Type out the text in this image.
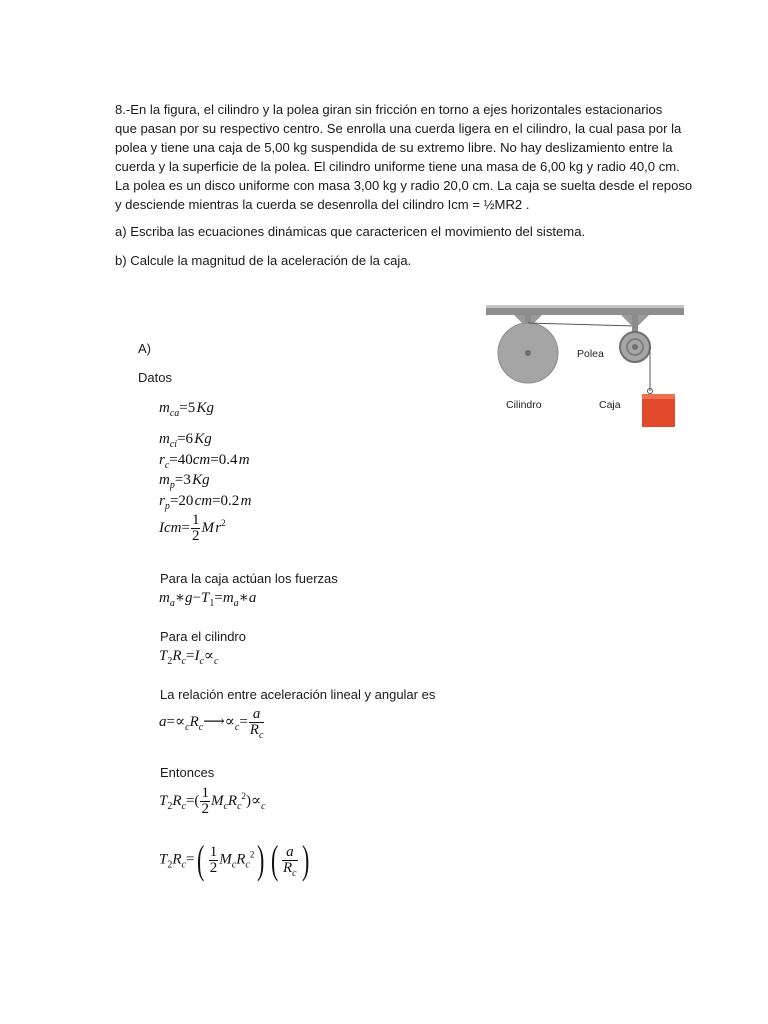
8.-En la figura, el cilindro y la polea giran sin fricción en torno a ejes horizontales estacionarios
que pasan por su respectivo centro. Se enrolla una cuerda ligera en el cilindro, la cual pasa por la
polea y tiene una caja de 5,00 kg suspendida de su extremo libre. No hay deslizamiento entre la
cuerda y la superficie de la polea. El cilindro uniforme tiene una masa de 6,00 kg y radio 40,0 cm.
La polea es un disco uniforme con masa 3,00 kg y radio 20,0 cm. La caja se suelta desde el reposo
y desciende mientras la cuerda se desenrolla del cilindro Icm = ½MR2 .
a) Escriba las ecuaciones dinámicas que caractericen el movimiento del sistema.
b) Calcule la magnitud de la aceleración de la caja.
Polea
Cilindro	Caja
A)
Datos
$m_{ca}=5$ Kg
$m_{ci}=6$ Kg
$r_c=40cm=0.4$ m
$m_p=3$ Kg
$r_p=20$ cm=0.2 m
$Icm= \frac{1}{2}$ M $r^2$
Para la caja actúan los fuerzas
$m_a∗g-T_1=m_a∗a$
Para el cilindro
$T_2R_c=I_c\propto_c$
La relación entre aceleración lineal y angular es
$a=\propto_cR_c⟶\propto_c= \frac{a}{R_c}$
Entonces
$T_2R_c=( \frac{1}{2} M_cR_c^2)\propto_c$
$T_2R_c=( \frac{1}{2} M_cR_c^2)$ ( $\frac{a}{R_c}$ )
